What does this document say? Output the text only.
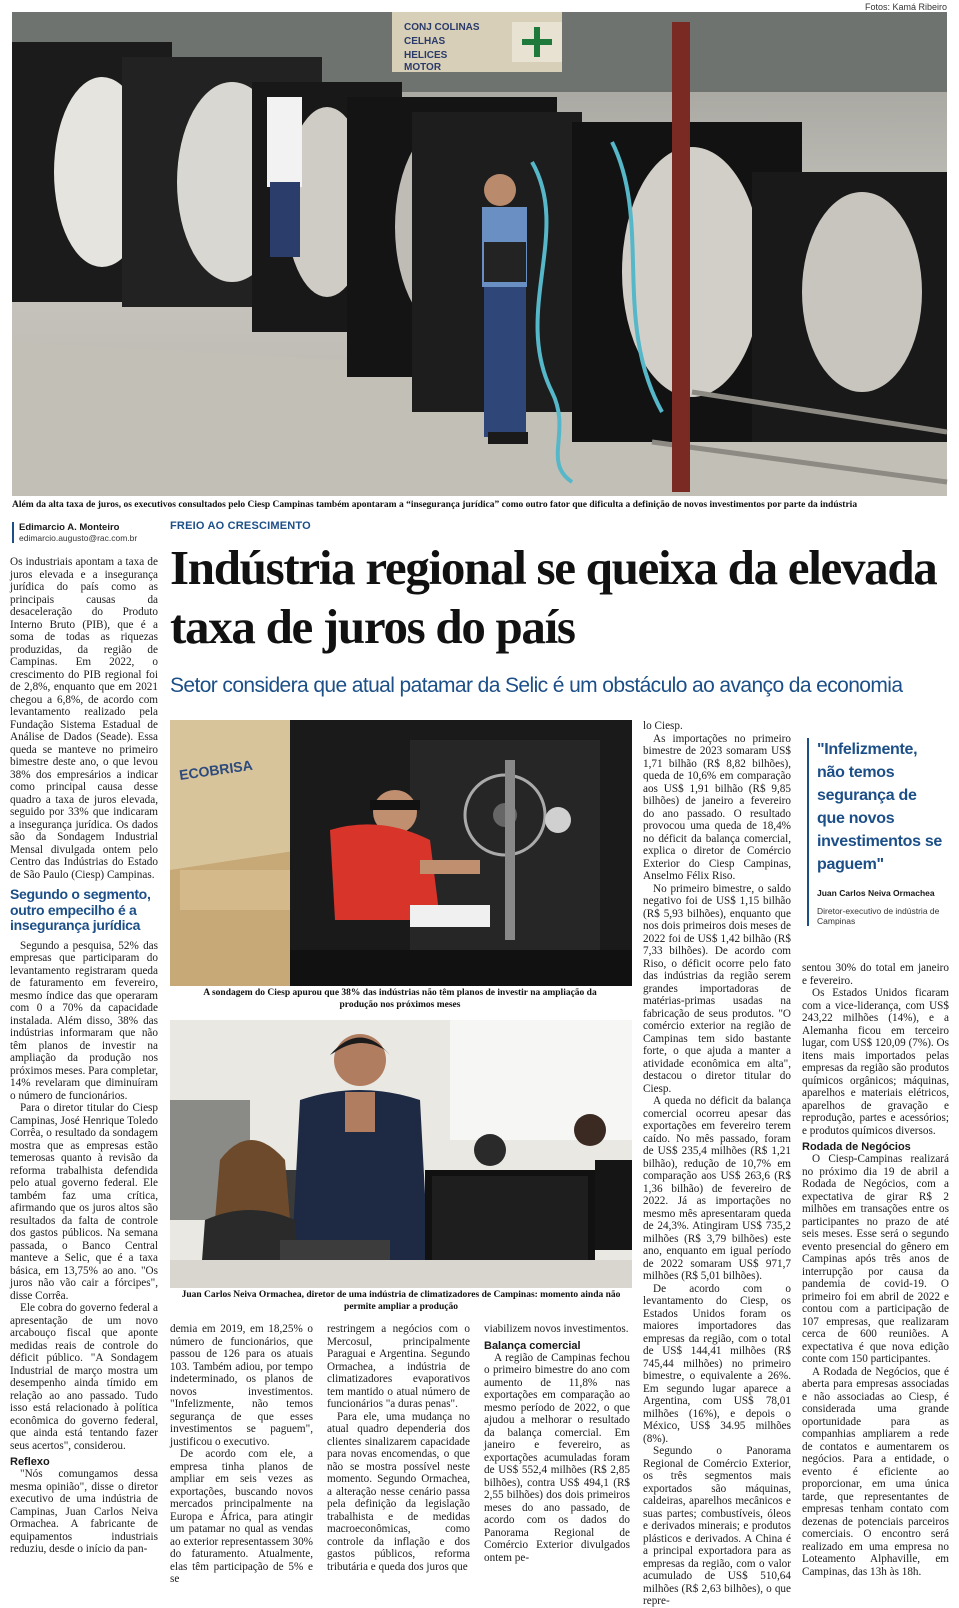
Fotos: Kamá Ribeiro
CONJ COLINAS
CELHAS
HELICES
MOTOR
Além da alta taxa de juros, os executivos consultados pelo Ciesp Campinas também apontaram a “insegurança jurídica” como outro fator que dificulta a definição de novos investimentos por parte da indústria
Edimarcio A. Monteiro
edimarcio.augusto@rac.com.br
FREIO AO CRESCIMENTO
Indústria regional se queixa da elevada taxa de juros do país
Setor considera que atual patamar da Selic é um obstáculo ao avanço da economia
ECOBRISA
A sondagem do Ciesp apurou que 38% das indústrias não têm planos de investir na ampliação da produção nos próximos meses
Juan Carlos Neiva Ormachea, diretor de uma indústria de climatizadores de Campinas: momento ainda não permite ampliar a produção

Os industriais apontam a taxa de juros elevada e a insegurança jurídica do país como as principais causas da desaceleração do Produto Interno Bruto (PIB), que é a soma de todas as riquezas produzidas, da região de Campinas. Em 2022, o crescimento do PIB regional foi de 2,8%, enquanto que em 2021 chegou a 6,8%, de acordo com levantamento realizado pela Fundação Sistema Estadual de Análise de Dados (Seade). Essa queda se manteve no primeiro bimestre deste ano, o que levou 38% dos empresários a indicar como principal causa desse quadro a taxa de juros elevada, seguido por 33% que indicaram a insegurança jurídica. Os dados são da Sondagem Industrial Mensal divulgada ontem pelo Centro das Indústrias do Estado de São Paulo (Ciesp) Campinas.

Segundo o segmento, outro empecilho é a insegurança jurídica

Segundo a pesquisa, 52% das empresas que participaram do levantamento registraram queda de faturamento em fevereiro, mesmo índice das que operaram com 0 a 70% da capacidade instalada. Além disso, 38% das indústrias informaram que não têm planos de investir na ampliação da produção nos próximos meses. Para completar, 14% revelaram que diminuíram o número de funcionários.

Para o diretor titular do Ciesp Campinas, José Henrique Toledo Corrêa, o resultado da sondagem mostra que as empresas estão temerosas quanto à revisão da reforma trabalhista defendida pelo atual governo federal. Ele também faz uma crítica, afirmando que os juros altos são resultados da falta de controle dos gastos públicos. Na semana passada, o Banco Central manteve a Selic, que é a taxa básica, em 13,75% ao ano. "Os juros não vão cair a fórcipes", disse Corrêa.

Ele cobra do governo federal a apresentação de um novo arcabouço fiscal que aponte medidas reais de controle do déficit público. "A Sondagem Industrial de março mostra um desempenho ainda tímido em relação ao ano passado. Tudo isso está relacionado à política econômica do governo federal, que ainda está tentando fazer seus acertos", considerou.

Reflexo

"Nós comungamos dessa mesma opinião", disse o diretor executivo de uma indústria de Campinas, Juan Carlos Neiva Ormachea. A fabricante de equipamentos industriais reduziu, desde o início da pan-

demia em 2019, em 18,25% o número de funcionários, que passou de 126 para os atuais 103. Também adiou, por tempo indeterminado, os planos de novos investimentos. "Infelizmente, não temos segurança de que esses investimentos se paguem", justificou o executivo.

De acordo com ele, a empresa tinha planos de ampliar em seis vezes as exportações, buscando novos mercados principalmente na Europa e África, para atingir um patamar no qual as vendas ao exterior representassem 30% do faturamento. Atualmente, elas têm participação de 5% e se

restringem a negócios com o Mercosul, principalmente Paraguai e Argentina. Segundo Ormachea, a indústria de climatizadores evaporativos tem mantido o atual número de funcionários "a duras penas".

Para ele, uma mudança no atual quadro dependeria dos clientes sinalizarem capacidade para novas encomendas, o que não se mostra possível neste momento. Segundo Ormachea, a alteração nesse cenário passa pela definição da legislação trabalhista e de medidas macroeconômicas, como controle da inflação e dos gastos públicos, reforma tributária e queda dos juros que

viabilizem novos investimentos.

Balança comercial

A região de Campinas fechou o primeiro bimestre do ano com aumento de 11,8% nas exportações em comparação ao mesmo período de 2022, o que ajudou a melhorar o resultado da balança comercial. Em janeiro e fevereiro, as exportações acumuladas foram de US$ 552,4 milhões (R$ 2,85 bilhões), contra US$ 494,1 (R$ 2,55 bilhões) dos dois primeiros meses do ano passado, de acordo com os dados do Panorama Regional de Comércio Exterior divulgados ontem pe-

lo Ciesp.

As importações no primeiro bimestre de 2023 somaram US$ 1,71 bilhão (R$ 8,82 bilhões), queda de 10,6% em comparação aos US$ 1,91 bilhão (R$ 9,85 bilhões) de janeiro a fevereiro do ano passado. O resultado provocou uma queda de 18,4% no déficit da balança comercial, explica o diretor de Comércio Exterior do Ciesp Campinas, Anselmo Félix Riso.

No primeiro bimestre, o saldo negativo foi de US$ 1,15 bilhão (R$ 5,93 bilhões), enquanto que nos dois primeiros dois meses de 2022 foi de US$ 1,42 bilhão (R$ 7,33 bilhões). De acordo com Riso, o déficit ocorre pelo fato das indústrias da região serem grandes importadoras de matérias-primas usadas na fabricação de seus produtos. "O comércio exterior na região de Campinas tem sido bastante forte, o que ajuda a manter a atividade econômica em alta", destacou o diretor titular do Ciesp.

A queda no déficit da balança comercial ocorreu apesar das exportações em fevereiro terem caído. No mês passado, foram de US$ 235,4 milhões (R$ 1,21 bilhão), redução de 10,7% em comparação aos US$ 263,6 (R$ 1,36 bilhão) de fevereiro de 2022. Já as importações no mesmo mês apresentaram queda de 24,3%. Atingiram US$ 735,2 milhões (R$ 3,79 bilhões) este ano, enquanto em igual período de 2022 somaram US$ 971,7 milhões (R$ 5,01 bilhões).

De acordo com o levantamento do Ciesp, os Estados Unidos foram os maiores importadores das empresas da região, com o total de US$ 144,41 milhões (R$ 745,44 milhões) no primeiro bimestre, o equivalente a 26%. Em segundo lugar aparece a Argentina, com US$ 78,01 milhões (16%), e depois o México, US$ 34.95 milhões (8%).

Segundo o Panorama Regional de Comércio Exterior, os três segmentos mais exportados são máquinas, caldeiras, aparelhos mecânicos e suas partes; combustíveis, óleos e derivados minerais; e produtos plásticos e derivados. A China é a principal exportadora para as empresas da região, com o valor acumulado de US$ 510,64 milhões (R$ 2,63 bilhões), o que repre-

"Infelizmente, não temos segurança de que novos investimentos se paguem"
Juan Carlos Neiva Ormachea
Diretor-executivo de indústria de Campinas

sentou 30% do total em janeiro e fevereiro.

Os Estados Unidos ficaram com a vice-liderança, com US$ 243,22 milhões (14%), e a Alemanha ficou em terceiro lugar, com US$ 120,09 (7%). Os itens mais importados pelas empresas da região são produtos químicos orgânicos; máquinas, aparelhos e materiais elétricos, aparelhos de gravação e reprodução, partes e acessórios; e produtos químicos diversos.

Rodada de Negócios

O Ciesp-Campinas realizará no próximo dia 19 de abril a Rodada de Negócios, com a expectativa de girar R$ 2 milhões em transações entre os participantes no prazo de até seis meses. Esse será o segundo evento presencial do gênero em Campinas após três anos de interrupção por causa da pandemia de covid-19. O primeiro foi em abril de 2022 e contou com a participação de 107 empresas, que realizaram cerca de 600 reuniões. A expectativa é que nova edição conte com 150 participantes.

A Rodada de Negócios, que é aberta para empresas associadas e não associadas ao Ciesp, é considerada uma grande oportunidade para as companhias ampliarem a rede de contatos e aumentarem os negócios. Para a entidade, o evento é eficiente ao proporcionar, em uma única tarde, que representantes de empresas tenham contato com dezenas de potenciais parceiros comerciais. O encontro será realizado em uma empresa no Loteamento Alphaville, em Campinas, das 13h às 18h.
